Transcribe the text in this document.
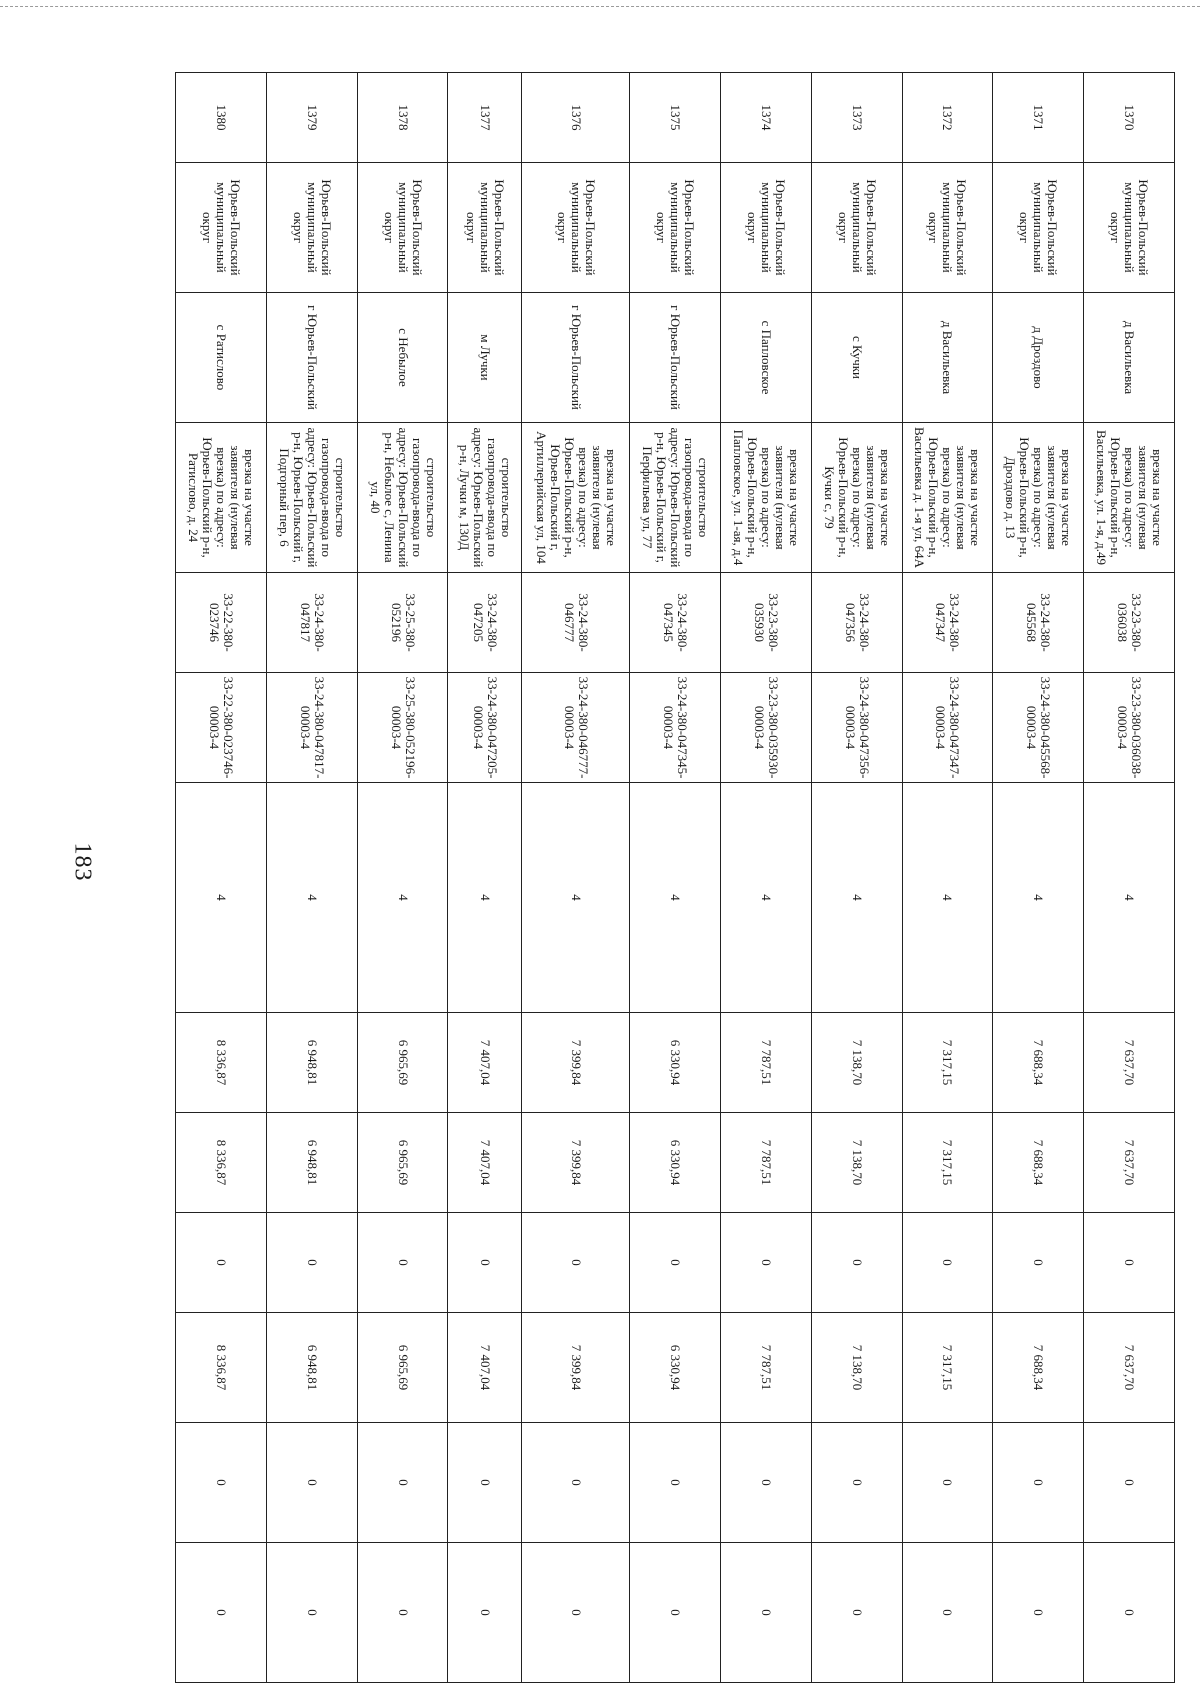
183
1370	Юрьев-Польский муниципальный округ	д Васильевка	врезка на участке заявителя (нулевая врезка) по адресу: Юрьев-Польский р-н, Васильевка, ул. 1-я, д.49	33-23-380-036038	33-23-380-036038-00003-4	4	7 637,70	7 637,70	0	7 637,70	0	0
1371	Юрьев-Польский муниципальный округ	д Дроздово	врезка на участке заявителя (нулевая врезка) по адресу: Юрьев-Польский р-н, Дроздово д. 13	33-24-380-045568	33-24-380-045568-00003-4	4	7 688,34	7 688,34	0	7 688,34	0	0
1372	Юрьев-Польский муниципальный округ	д Васильевка	врезка на участке заявителя (нулевая врезка) по адресу: Юрьев-Польский р-н, Васильевка д. 1-я ул, 64А	33-24-380-047347	33-24-380-047347-00003-4	4	7 317,15	7 317,15	0	7 317,15	0	0
1373	Юрьев-Польский муниципальный округ	с Кучки	врезка на участке заявителя (нулевая врезка) по адресу: Юрьев-Польский р-н, Кучки с, 79	33-24-380-047356	33-24-380-047356-00003-4	4	7 138,70	7 138,70	0	7 138,70	0	0
1374	Юрьев-Польский муниципальный округ	с Папловское	врезка на участке заявителя (нулевая врезка) по адресу: Юрьев-Польский р-н, Папловское, ул. 1-ая, д.4	33-23-380-035930	33-23-380-035930-00003-4	4	7 787,51	7 787,51	0	7 787,51	0	0
1375	Юрьев-Польский муниципальный округ	г Юрьев-Польский	строительство газопровода-ввода по адресу: Юрьев-Польский р-н, Юрьев-Польский г, Перфильева ул, 77	33-24-380-047345	33-24-380-047345-00003-4	4	6 330,94	6 330,94	0	6 330,94	0	0
1376	Юрьев-Польский муниципальный округ	г Юрьев-Польский	врезка на участке заявителя (нулевая врезка) по адресу: Юрьев-Польский р-н, Юрьев-Польский г, Артиллерийская ул, 104	33-24-380-046777	33-24-380-046777-00003-4	4	7 399,84	7 399,84	0	7 399,84	0	0
1377	Юрьев-Польский муниципальный округ	м Лучки	строительство газопровода-ввода по адресу: Юрьев-Польский р-н, Лучки м, 130Д	33-24-380-047205	33-24-380-047205-00003-4	4	7 407,04	7 407,04	0	7 407,04	0	0
1378	Юрьев-Польский муниципальный округ	с Небылое	строительство газопровода-ввода по адресу: Юрьев-Польский р-н, Небылое с, Ленина ул, 40	33-25-380-052196	33-25-380-052196-00003-4	4	6 965,69	6 965,69	0	6 965,69	0	0
1379	Юрьев-Польский муниципальный округ	г Юрьев-Польский	строительство газопровода-ввода по адресу: Юрьев-Польский р-н, Юрьев-Польский г, Подгорный пер, 6	33-24-380-047817	33-24-380-047817-00003-4	4	6 948,81	6 948,81	0	6 948,81	0	0
1380	Юрьев-Польский муниципальный округ	с Ратислово	врезка на участке заявителя (нулевая врезка) по адресу: Юрьев-Польский р-н, Ратислово, д. 24	33-22-380-023746	33-22-380-023746-00003-4	4	8 336,87	8 336,87	0	8 336,87	0	0
